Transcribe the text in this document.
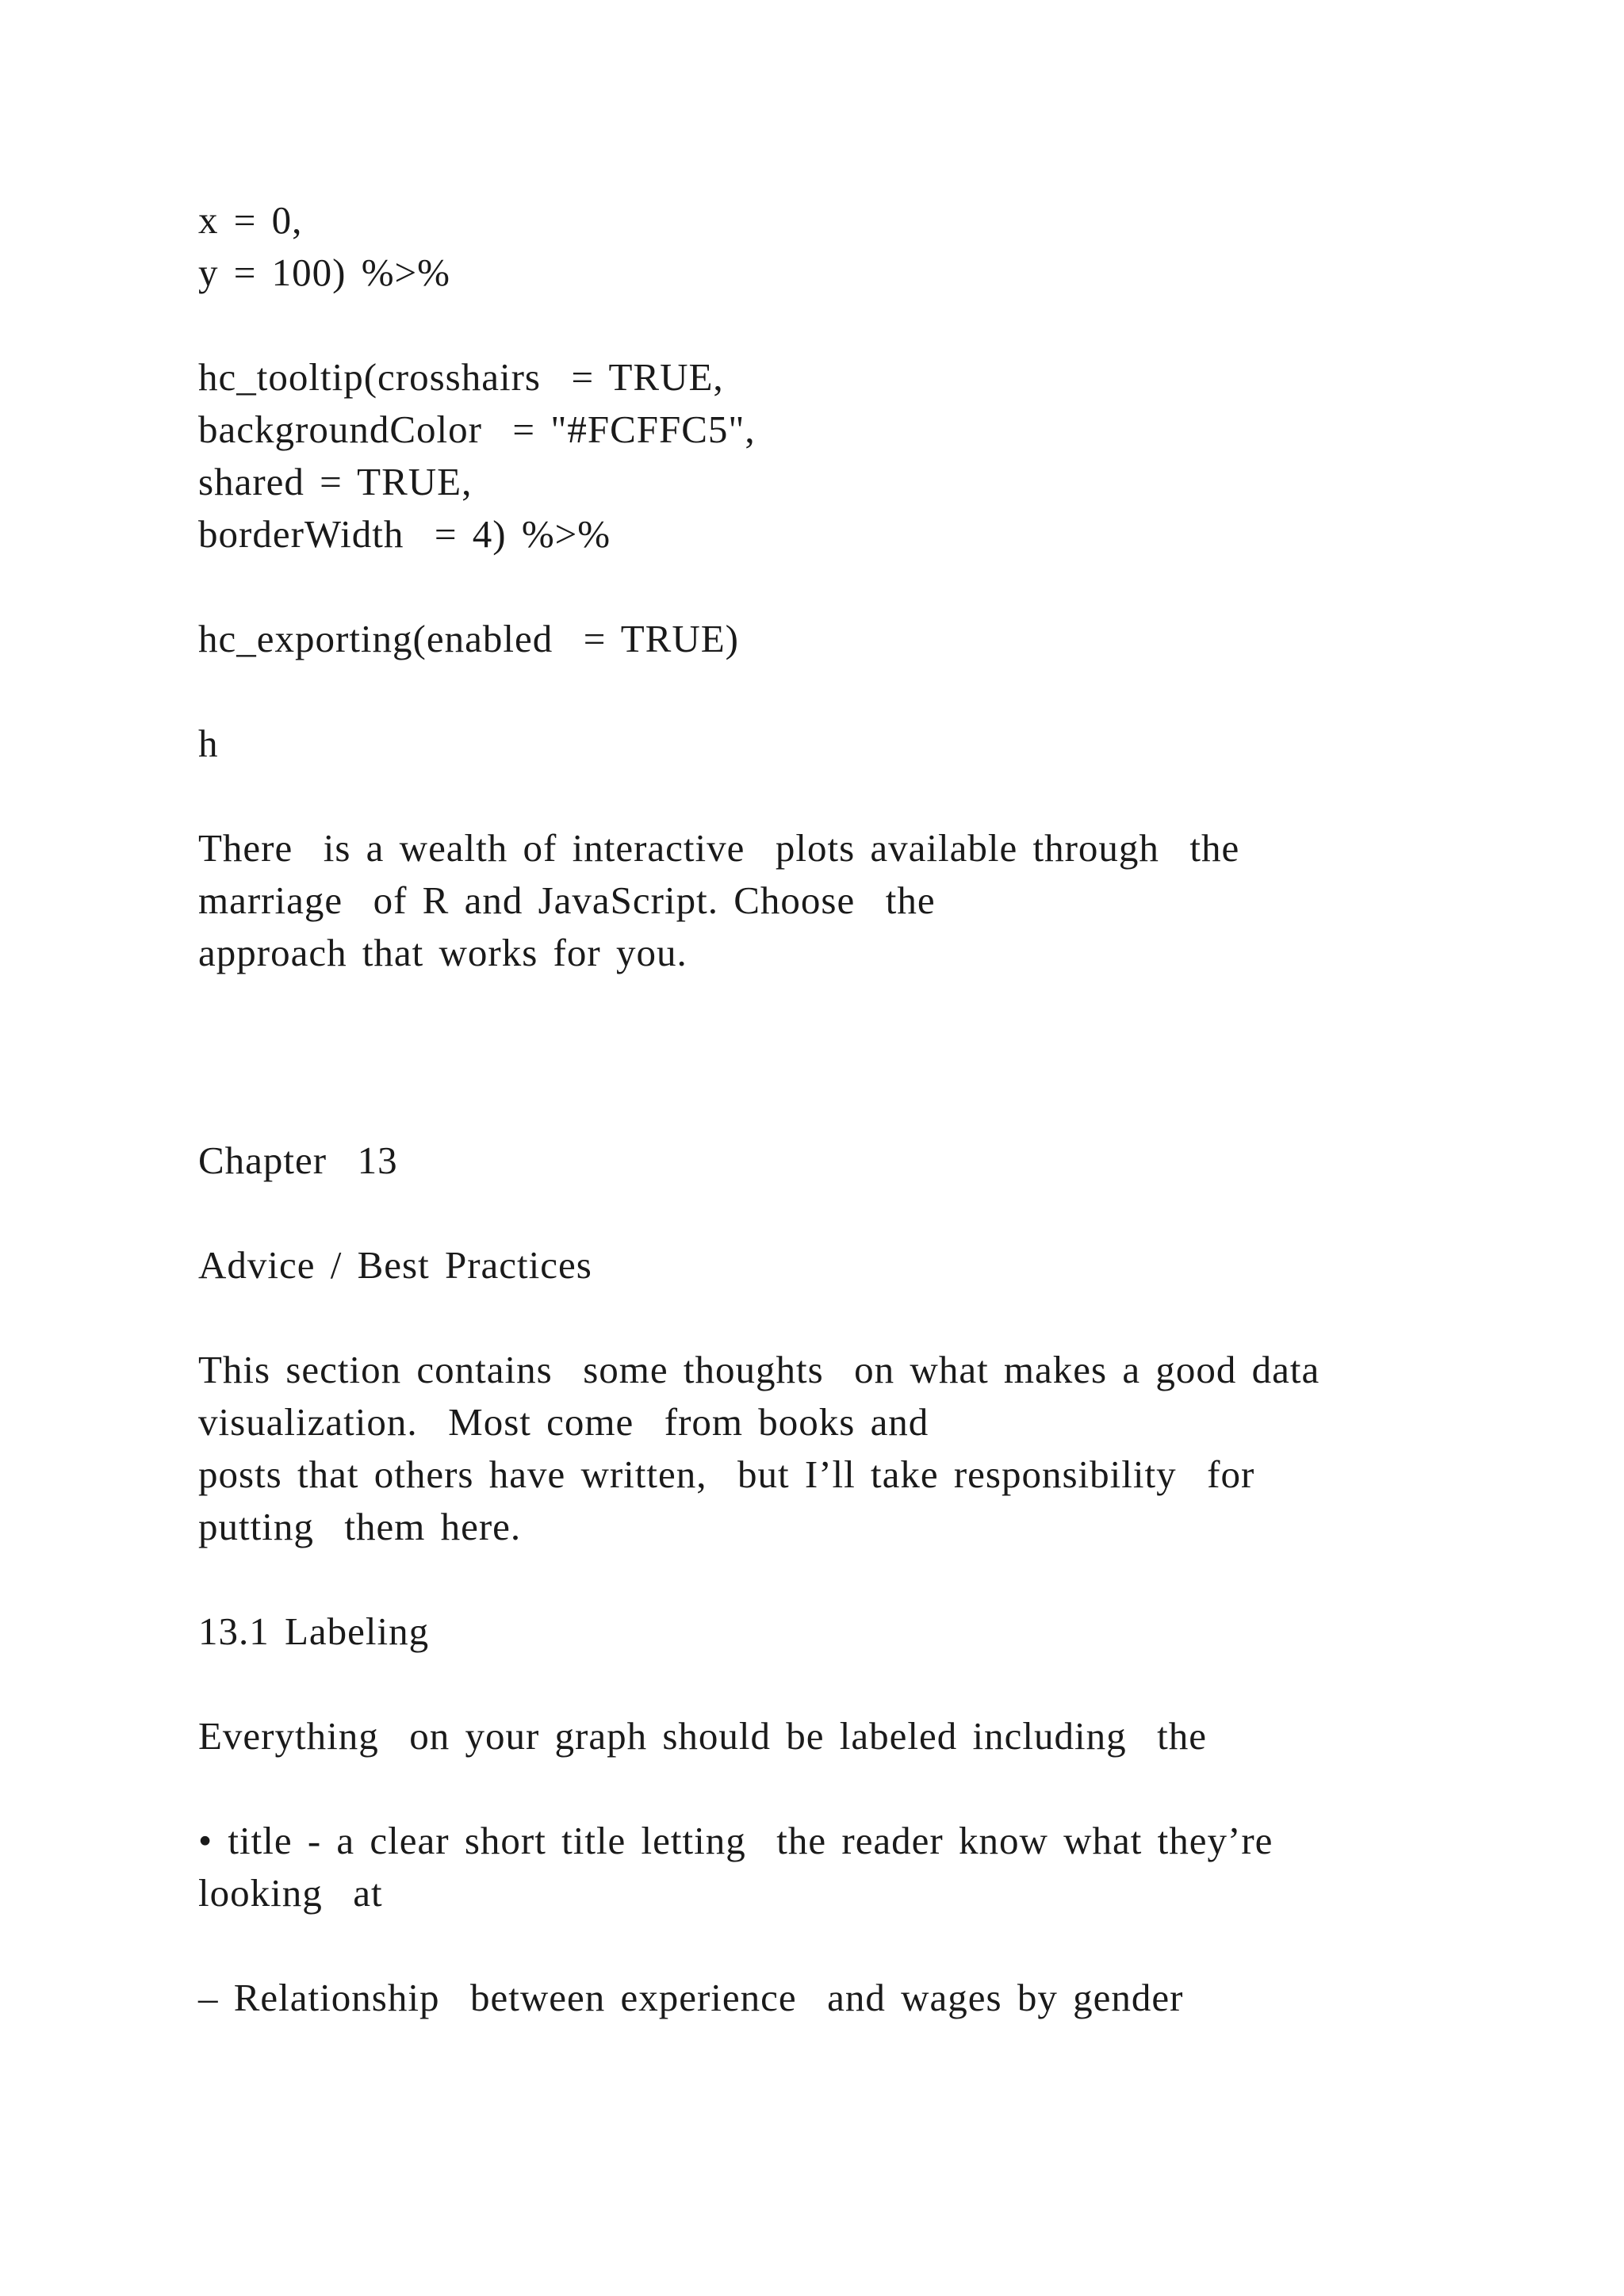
x = 0,

y = 100) %>%

hc_tooltip(crosshairs  = TRUE,

backgroundColor  = "#FCFFC5",

shared = TRUE,

borderWidth  = 4) %>%

hc_exporting(enabled  = TRUE)

h

There  is a wealth of interactive  plots available through  the

marriage  of R and JavaScript. Choose  the

approach that works for you.

Chapter  13

Advice / Best Practices

This section contains  some thoughts  on what makes a good data

visualization.  Most come  from books and

posts that others have written,  but I’ll take responsibility  for

putting  them here.

13.1 Labeling

Everything  on your graph should be labeled including  the

• title - a clear short title letting  the reader know what they’re

looking  at

– Relationship  between experience  and wages by gender
